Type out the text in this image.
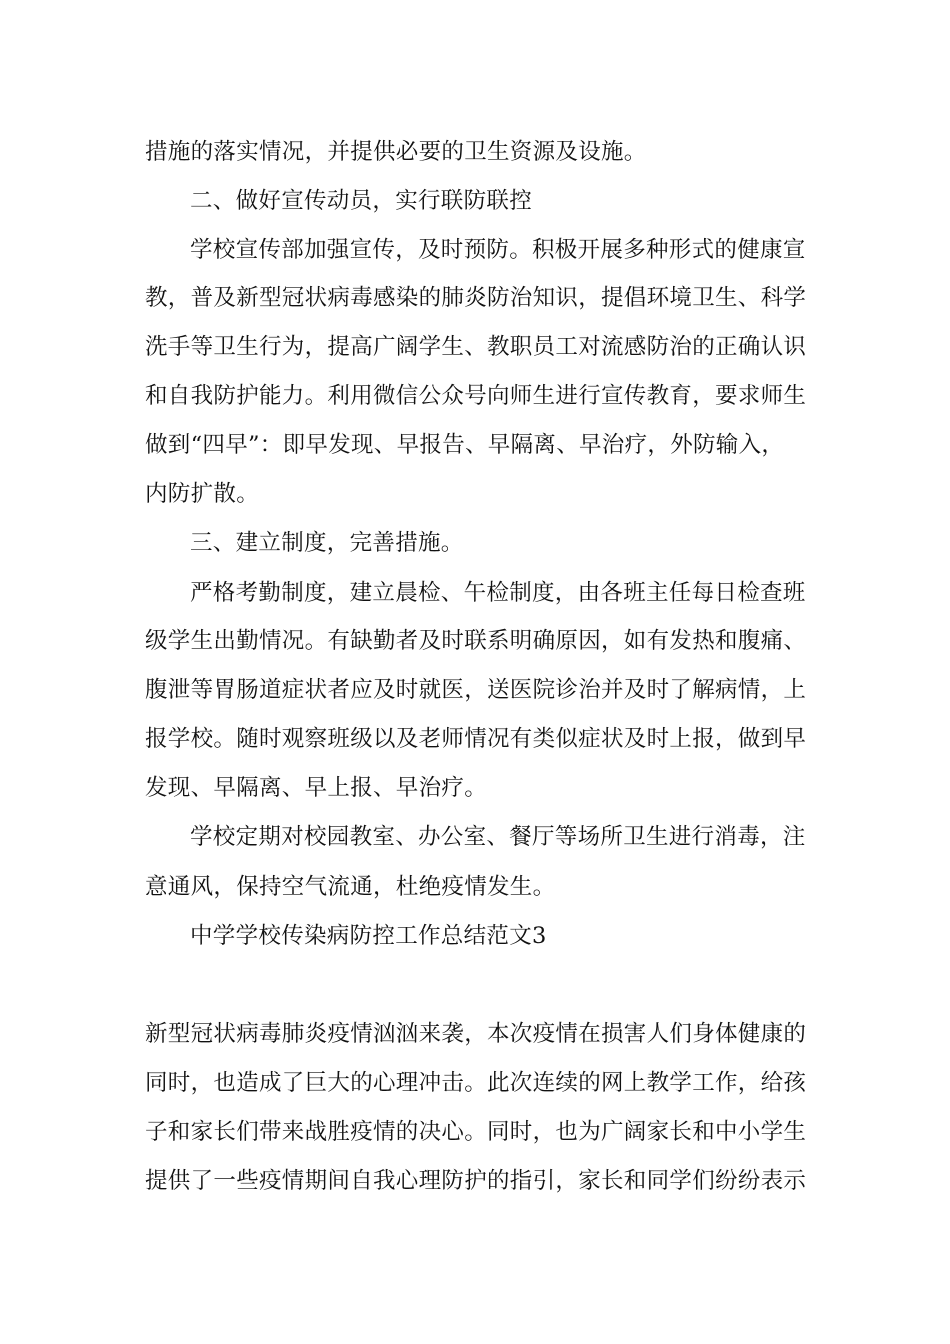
措施的落实情况，并提供必要的卫生资源及设施。
二、做好宣传动员，实行联防联控
学校宣传部加强宣传，及时预防。积极开展多种形式的健康宣
教，普及新型冠状病毒感染的肺炎防治知识，提倡环境卫生、科学
洗手等卫生行为，提高广阔学生、教职员工对流感防治的正确认识
和自我防护能力。利用微信公众号向师生进行宣传教育，要求师生
做到“四早”：即早发现、早报告、早隔离、早治疗，外防输入，
内防扩散。
三、建立制度，完善措施。
严格考勤制度，建立晨检、午检制度，由各班主任每日检查班
级学生出勤情况。有缺勤者及时联系明确原因，如有发热和腹痛、
腹泄等胃肠道症状者应及时就医，送医院诊治并及时了解病情，上
报学校。随时观察班级以及老师情况有类似症状及时上报，做到早
发现、早隔离、早上报、早治疗。
学校定期对校园教室、办公室、餐厅等场所卫生进行消毒，注
意通风，保持空气流通，杜绝疫情发生。
中学学校传染病防控工作总结范文3
新型冠状病毒肺炎疫情汹汹来袭，本次疫情在损害人们身体健康的
同时，也造成了巨大的心理冲击。此次连续的网上教学工作，给孩
子和家长们带来战胜疫情的决心。同时，也为广阔家长和中小学生
提供了一些疫情期间自我心理防护的指引，家长和同学们纷纷表示
